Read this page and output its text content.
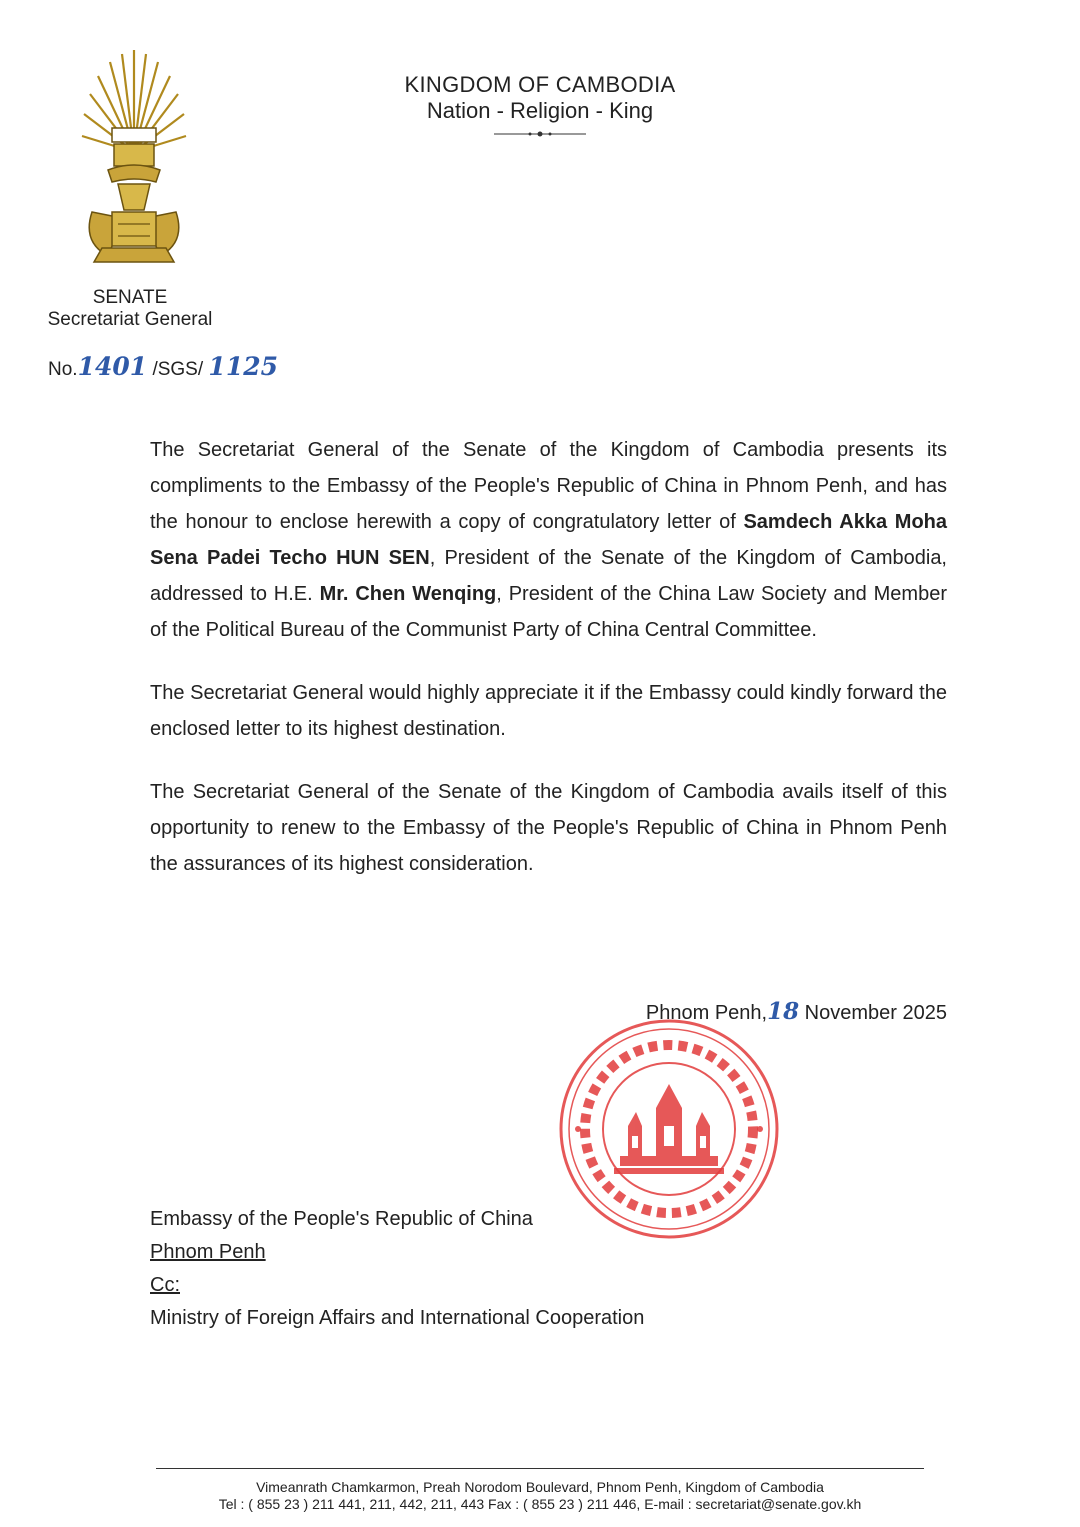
KINGDOM OF CAMBODIA
Nation - Religion - King
SENATE
Secretariat General
No.1401 /SGS/ 1125

The Secretariat General of the Senate of the Kingdom of Cambodia presents its compliments to the Embassy of the People's Republic of China in Phnom Penh, and has the honour to enclose herewith a copy of congratulatory letter of Samdech Akka Moha Sena Padei Techo HUN SEN, President of the Senate of the Kingdom of Cambodia, addressed to H.E. Mr. Chen Wenqing, President of the China Law Society and Member of the Political Bureau of the Communist Party of China Central Committee.

The Secretariat General would highly appreciate it if the Embassy could kindly forward the enclosed letter to its highest destination.

The Secretariat General of the Senate of the Kingdom of Cambodia avails itself of this opportunity to renew to the Embassy of the People's Republic of China in Phnom Penh the assurances of its highest consideration.

Phnom Penh,18 November 2025
Embassy of the People's Republic of China
Phnom Penh
Cc:
Ministry of Foreign Affairs and International Cooperation
Vimeanrath Chamkarmon, Preah Norodom Boulevard, Phnom Penh, Kingdom of Cambodia
Tel : ( 855 23 ) 211 441, 211, 442, 211, 443 Fax : ( 855 23 ) 211 446, E-mail : secretariat@senate.gov.kh
